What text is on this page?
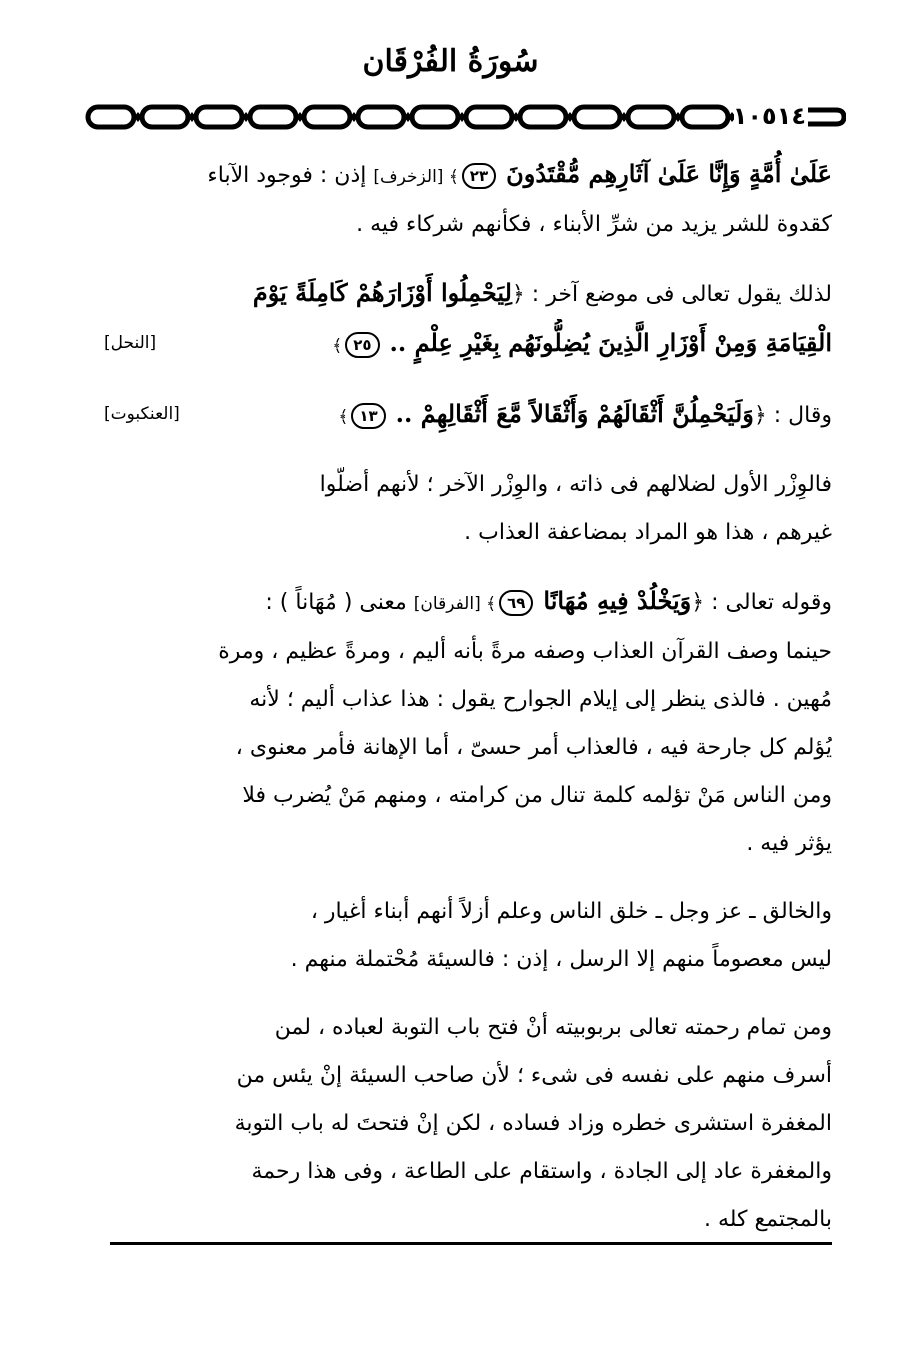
سُورَةُ الفُرْقَان
١٠٥١٤
عَلَىٰ أُمَّةٍ وَإِنَّا عَلَىٰ آثَارِهِم مُّقْتَدُونَ ٢٣﴾ [الزخرف] إذن : فوجود الآباء
كقدوة للشر يزيد من شرِّ الأبناء ، فكأنهم شركاء فيه .
لذلك يقول تعالى فى موضع آخر : ﴿لِيَحْمِلُوا أَوْزَارَهُمْ كَامِلَةً يَوْمَ
الْقِيَامَةِ وَمِنْ أَوْزَارِ الَّذِينَ يُضِلُّونَهُم بِغَيْرِ عِلْمٍ .. ٢٥﴾
[النحل]
وقال : ﴿وَلَيَحْمِلُنَّ أَثْقَالَهُمْ وَأَثْقَالاً مَّعَ أَثْقَالِهِمْ .. ١٣﴾
[العنكبوت]
فالوِزْر الأول لضلالهم فى ذاته ، والوِزْر الآخر ؛ لأنهم أضلّوا
غيرهم ، هذا هو المراد بمضاعفة العذاب .
وقوله تعالى : ﴿وَيَخْلُدْ فِيهِ مُهَانًا ٦٩﴾ [الفرقان] معنى ( مُهَاناً ) :
حينما وصف القرآن العذاب وصفه مرةً بأنه أليم ، ومرةً عظيم ، ومرة
مُهين . فالذى ينظر إلى إيلام الجوارح يقول : هذا عذاب أليم ؛ لأنه
يُؤلم كل جارحة فيه ، فالعذاب أمر حسىّ ، أما الإهانة فأمر معنوى ،
ومن الناس مَنْ تؤلمه كلمة تنال من كرامته ، ومنهم مَنْ يُضرب فلا
يؤثر فيه .
والخالق ـ عز وجل ـ خلق الناس وعلم أزلاً أنهم أبناء أغيار ،
ليس معصوماً منهم إلا الرسل ، إذن : فالسيئة مُحْتملة منهم .
ومن تمام رحمته تعالى بربوبيته أنْ فتح باب التوبة لعباده ، لمن
أسرف منهم على نفسه فى شىء ؛ لأن صاحب السيئة إنْ يئس من
المغفرة استشرى خطره وزاد فساده ، لكن إنْ فتحتَ له باب التوبة
والمغفرة عاد إلى الجادة ، واستقام على الطاعة ، وفى هذا رحمة
بالمجتمع كله .
